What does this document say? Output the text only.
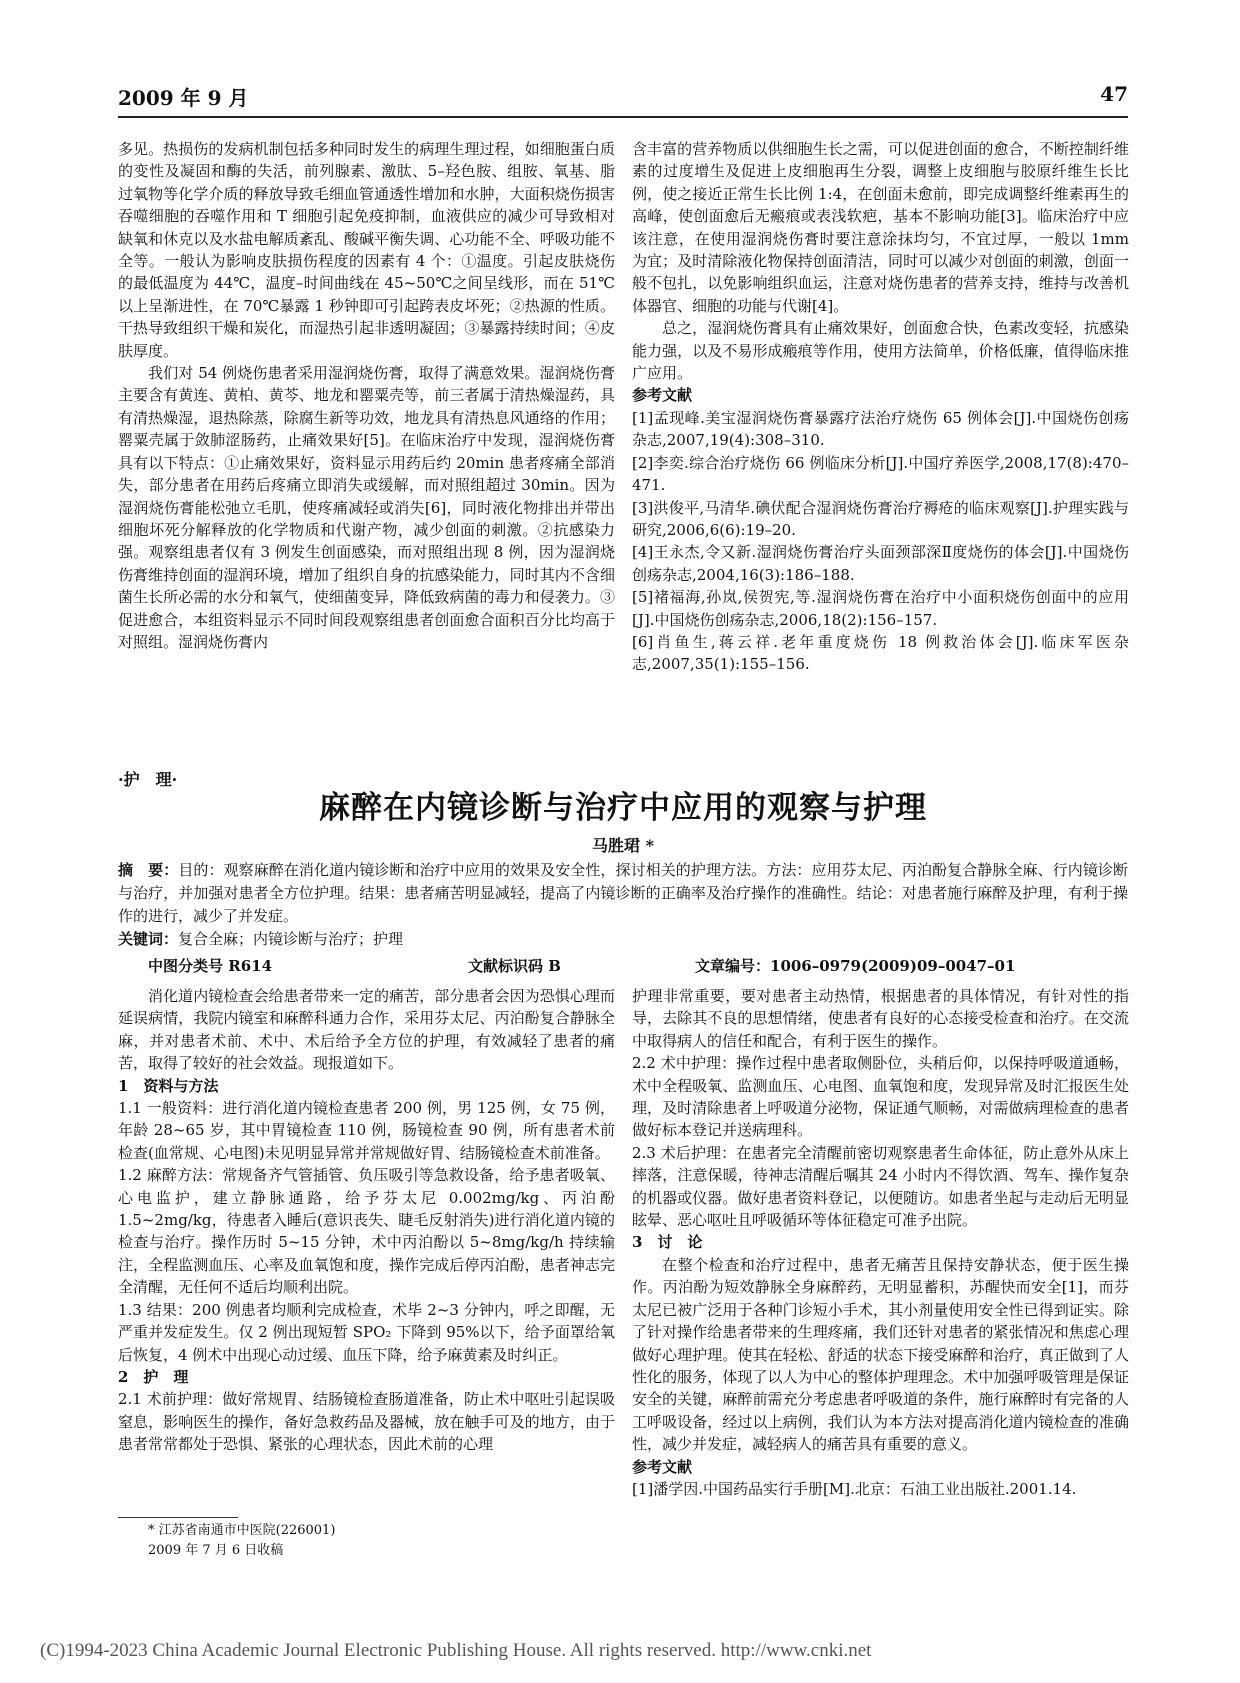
2009 年 9 月	47

多见。热损伤的发病机制包括多种同时发生的病理生理过程，如细胞蛋白质的变性及凝固和酶的失活，前列腺素、激肽、5–羟色胺、组胺、氧基、脂过氧物等化学介质的释放导致毛细血管通透性增加和水肿，大面积烧伤损害吞噬细胞的吞噬作用和 T 细胞引起免疫抑制，血液供应的减少可导致相对缺氧和休克以及水盐电解质紊乱、酸碱平衡失调、心功能不全、呼吸功能不全等。一般认为影响皮肤损伤程度的因素有 4 个：①温度。引起皮肤烧伤的最低温度为 44℃，温度–时间曲线在 45~50℃之间呈线形，而在 51℃以上呈渐进性，在 70℃暴露 1 秒钟即可引起跨表皮坏死；②热源的性质。干热导致组织干燥和炭化，而湿热引起非透明凝固；③暴露持续时间；④皮肤厚度。

我们对 54 例烧伤患者采用湿润烧伤膏，取得了满意效果。湿润烧伤膏主要含有黄连、黄柏、黄芩、地龙和罂粟壳等，前三者属于清热燥湿药，具有清热燥湿，退热除蒸，除腐生新等功效，地龙具有清热息风通络的作用；罂粟壳属于敛肺涩肠药，止痛效果好[5]。在临床治疗中发现，湿润烧伤膏具有以下特点：①止痛效果好，资料显示用药后约 20min 患者疼痛全部消失，部分患者在用药后疼痛立即消失或缓解，而对照组超过 30min。因为湿润烧伤膏能松弛立毛肌，使疼痛减轻或消失[6]，同时液化物排出并带出细胞坏死分解释放的化学物质和代谢产物，减少创面的刺激。②抗感染力强。观察组患者仅有 3 例发生创面感染，而对照组出现 8 例，因为湿润烧伤膏维持创面的湿润环境，增加了组织自身的抗感染能力，同时其内不含细菌生长所必需的水分和氧气，使细菌变异，降低致病菌的毒力和侵袭力。③促进愈合，本组资料显示不同时间段观察组患者创面愈合面积百分比均高于对照组。湿润烧伤膏内

含丰富的营养物质以供细胞生长之需，可以促进创面的愈合，不断控制纤维素的过度增生及促进上皮细胞再生分裂，调整上皮细胞与胶原纤维生长比例，使之接近正常生长比例 1:4，在创面未愈前，即完成调整纤维素再生的高峰，使创面愈后无瘢痕或表浅软疤，基本不影响功能[3]。临床治疗中应该注意，在使用湿润烧伤膏时要注意涂抹均匀，不宜过厚，一般以 1mm 为宜；及时清除液化物保持创面清洁，同时可以减少对创面的刺激，创面一般不包扎，以免影响组织血运，注意对烧伤患者的营养支持，维持与改善机体器官、细胞的功能与代谢[4]。

总之，湿润烧伤膏具有止痛效果好，创面愈合快，色素改变轻，抗感染能力强，以及不易形成瘢痕等作用，使用方法简单，价格低廉，值得临床推广应用。

参考文献

[1]孟现峰.美宝湿润烧伤膏暴露疗法治疗烧伤 65 例体会[J].中国烧伤创疡杂志,2007,19(4):308–310.

[2]李奕.综合治疗烧伤 66 例临床分析[J].中国疗养医学,2008,17(8):470–471.

[3]洪俊平,马清华.碘伏配合湿润烧伤膏治疗褥疮的临床观察[J].护理实践与研究,2006,6(6):19–20.

[4]王永杰,令又新.湿润烧伤膏治疗头面颈部深Ⅱ度烧伤的体会[J].中国烧伤创疡杂志,2004,16(3):186–188.

[5]褚福海,孙岚,侯贺宪,等.湿润烧伤膏在治疗中小面积烧伤创面中的应用[J].中国烧伤创疡杂志,2006,18(2):156–157.

[6]肖鱼生,蒋云祥.老年重度烧伤 18 例救治体会[J].临床军医杂志,2007,35(1):155–156.

·护　理·
麻醉在内镜诊断与治疗中应用的观察与护理
马胜珺 *
摘　要：目的：观察麻醉在消化道内镜诊断和治疗中应用的效果及安全性，探讨相关的护理方法。方法：应用芬太尼、丙泊酚复合静脉全麻、行内镜诊断与治疗，并加强对患者全方位护理。结果：患者痛苦明显减轻，提高了内镜诊断的正确率及治疗操作的准确性。结论：对患者施行麻醉及护理，有利于操作的进行，减少了并发症。
关键词：复合全麻；内镜诊断与治疗；护理
中图分类号 R614	文献标识码 B	文章编号：1006–0979(2009)09–0047–01

消化道内镜检查会给患者带来一定的痛苦，部分患者会因为恐惧心理而延误病情，我院内镜室和麻醉科通力合作，采用芬太尼、丙泊酚复合静脉全麻，并对患者术前、术中、术后给予全方位的护理，有效减轻了患者的痛苦，取得了较好的社会效益。现报道如下。

1　资料与方法

1.1 一般资料：进行消化道内镜检查患者 200 例，男 125 例，女 75 例，年龄 28~65 岁，其中胃镜检查 110 例，肠镜检查 90 例，所有患者术前检查(血常规、心电图)未见明显异常并常规做好胃、结肠镜检查术前准备。

1.2 麻醉方法：常规备齐气管插管、负压吸引等急救设备，给予患者吸氧、心电监护，建立静脉通路，给予芬太尼 0.002mg/kg、丙泊酚 1.5~2mg/kg，待患者入睡后(意识丧失、睫毛反射消失)进行消化道内镜的检查与治疗。操作历时 5~15 分钟，术中丙泊酚以 5~8mg/kg/h 持续输注，全程监测血压、心率及血氧饱和度，操作完成后停丙泊酚，患者神志完全清醒，无任何不适后均顺利出院。

1.3 结果：200 例患者均顺利完成检查，术毕 2~3 分钟内，呼之即醒，无严重并发症发生。仅 2 例出现短暂 SPO₂ 下降到 95%以下，给予面罩给氧后恢复，4 例术中出现心动过缓、血压下降，给予麻黄素及时纠正。

2　护　理

2.1 术前护理：做好常规胃、结肠镜检查肠道准备，防止术中呕吐引起误吸窒息，影响医生的操作，备好急救药品及器械，放在触手可及的地方，由于患者常常都处于恐惧、紧张的心理状态，因此术前的心理

护理非常重要，要对患者主动热情，根据患者的具体情况，有针对性的指导，去除其不良的思想情绪，使患者有良好的心态接受检查和治疗。在交流中取得病人的信任和配合，有利于医生的操作。

2.2 术中护理：操作过程中患者取侧卧位，头稍后仰，以保持呼吸道通畅，术中全程吸氧、监测血压、心电图、血氧饱和度，发现异常及时汇报医生处理，及时清除患者上呼吸道分泌物，保证通气顺畅，对需做病理检查的患者做好标本登记并送病理科。

2.3 术后护理：在患者完全清醒前密切观察患者生命体征，防止意外从床上摔落，注意保暖，待神志清醒后嘱其 24 小时内不得饮酒、驾车、操作复杂的机器或仪器。做好患者资料登记，以便随访。如患者坐起与走动后无明显眩晕、恶心呕吐且呼吸循环等体征稳定可准予出院。

3　讨　论

在整个检查和治疗过程中，患者无痛苦且保持安静状态，便于医生操作。丙泊酚为短效静脉全身麻醉药，无明显蓄积，苏醒快而安全[1]，而芬太尼已被广泛用于各种门诊短小手术，其小剂量使用安全性已得到证实。除了针对操作给患者带来的生理疼痛，我们还针对患者的紧张情况和焦虑心理做好心理护理。使其在轻松、舒适的状态下接受麻醉和治疗，真正做到了人性化的服务，体现了以人为中心的整体护理理念。术中加强呼吸管理是保证安全的关键，麻醉前需充分考虑患者呼吸道的条件，施行麻醉时有完备的人工呼吸设备，经过以上病例，我们认为本方法对提高消化道内镜检查的准确性，减少并发症，减轻病人的痛苦具有重要的意义。

参考文献

[1]潘学因.中国药品实行手册[M].北京：石油工业出版社.2001.14.

* 江苏省南通市中医院(226001)
2009 年 7 月 6 日收稿
(C)1994-2023 China Academic Journal Electronic Publishing House. All rights reserved. http://www.cnki.net
